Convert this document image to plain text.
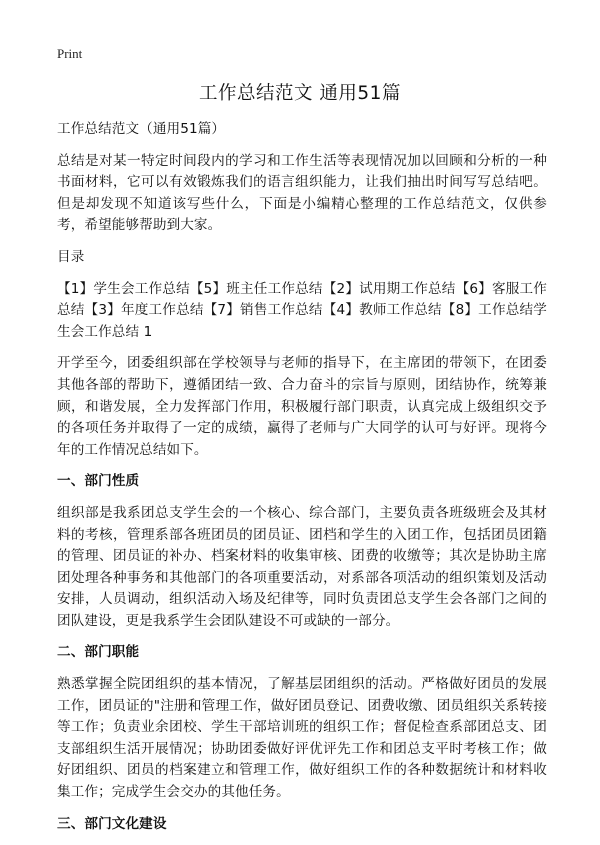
Print
工作总结范文 通用51篇

工作总结范文（通用51篇）

总结是对某一特定时间段内的学习和工作生活等表现情况加以回顾和分析的一种书面材料，它可以有效锻炼我们的语言组织能力，让我们抽出时间写写总结吧。但是却发现不知道该写些什么，下面是小编精心整理的工作总结范文，仅供参考，希望能够帮助到大家。

目录

【1】学生会工作总结【5】班主任工作总结【2】试用期工作总结【6】客服工作总结【3】年度工作总结【7】销售工作总结【4】教师工作总结【8】工作总结学生会工作总结 1

开学至今，团委组织部在学校领导与老师的指导下，在主席团的带领下，在团委其他各部的帮助下，遵循团结一致、合力奋斗的宗旨与原则，团结协作，统筹兼顾，和谐发展，全力发挥部门作用，积极履行部门职责，认真完成上级组织交予的各项任务并取得了一定的成绩，赢得了老师与广大同学的认可与好评。现将今年的工作情况总结如下。

一、部门性质

组织部是我系团总支学生会的一个核心、综合部门，主要负责各班级班会及其材料的考核，管理系部各班团员的团员证、团档和学生的入团工作，包括团员团籍的管理、团员证的补办、档案材料的收集审核、团费的收缴等；其次是协助主席团处理各种事务和其他部门的各项重要活动，对系部各项活动的组织策划及活动安排，人员调动，组织活动入场及纪律等，同时负责团总支学生会各部门之间的团队建设，更是我系学生会团队建设不可或缺的一部分。

二、部门职能

熟悉掌握全院团组织的基本情况，了解基层团组织的活动。严格做好团员的发展工作，团员证的"注册和管理工作，做好团员登记、团费收缴、团员组织关系转接等工作；负责业余团校、学生干部培训班的组织工作；督促检查系部团总支、团支部组织生活开展情况；协助团委做好评优评先工作和团总支平时考核工作；做好团组织、团员的档案建立和管理工作，做好组织工作的各种数据统计和材料收集工作；完成学生会交办的其他任务。

三、部门文化建设
